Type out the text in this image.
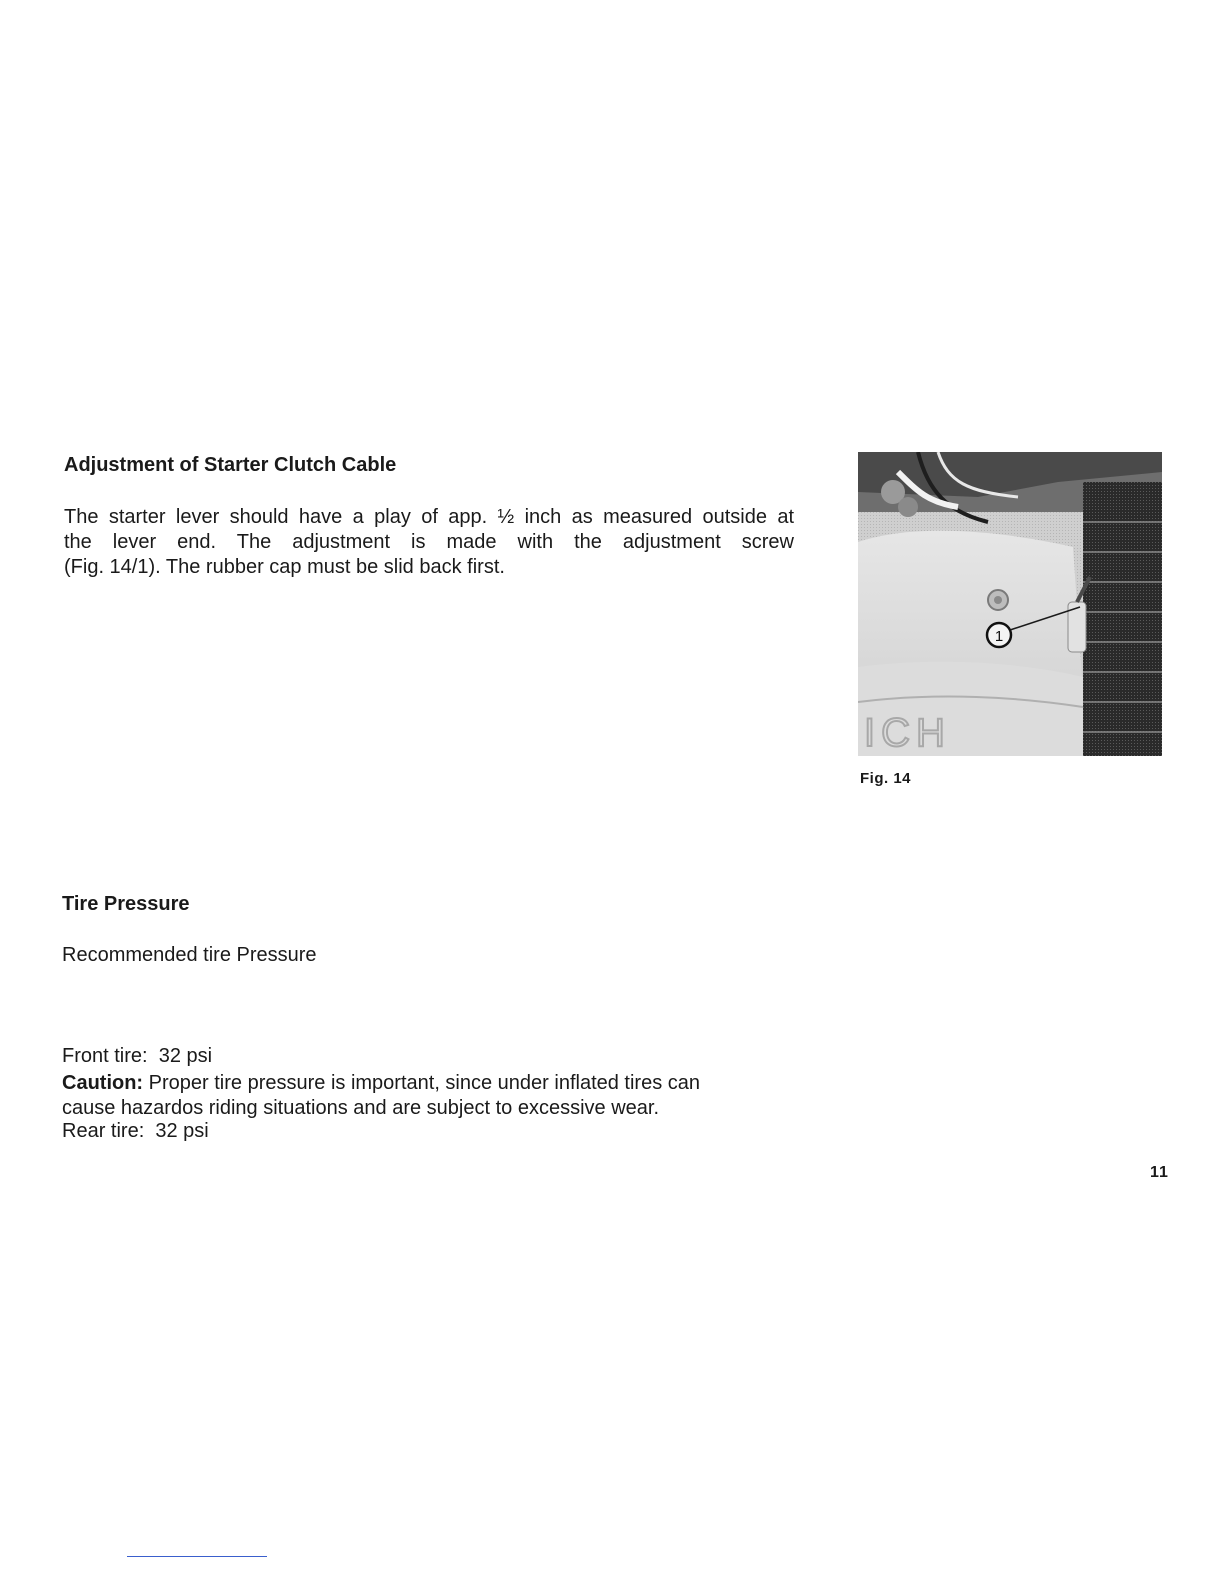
Adjustment of Starter Clutch Cable
The starter lever should have a play of app. ½ inch as measured outside at
the lever end. The adjustment is made with the adjustment screw
(Fig. 14/1). The rubber cap must be slid back first.
1
ICH
Fig. 14
Tire Pressure

Recommended tire Pressure

Front tire:  32 psi

Rear tire:  32 psi

Caution: Proper tire pressure is important, since under inflated tires can
cause hazardos riding situations and are subject to excessive wear.
11
